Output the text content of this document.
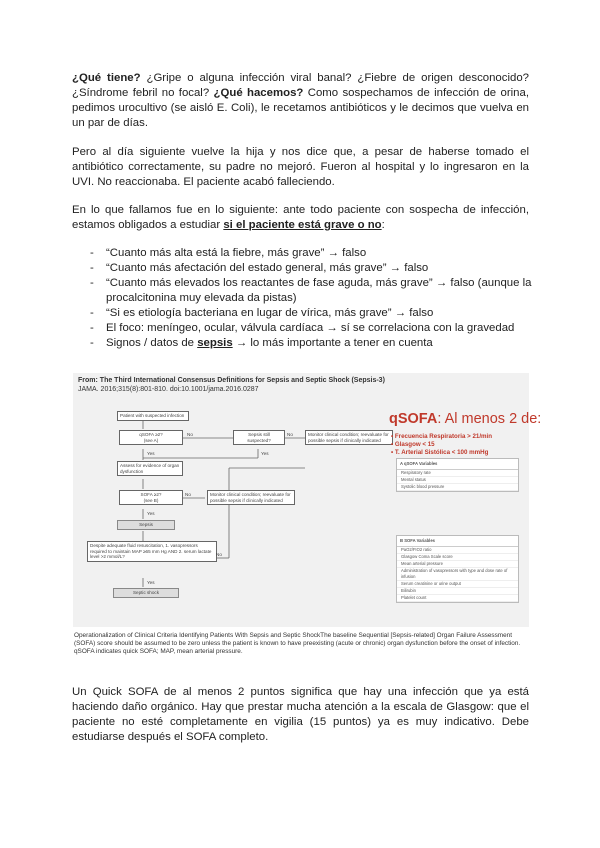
¿Qué tiene? ¿Gripe o alguna infección viral banal? ¿Fiebre de origen desconocido? ¿Síndrome febril no focal? ¿Qué hacemos? Como sospechamos de infección de orina, pedimos urocultivo (se aisló E. Coli), le recetamos antibióticos y le decimos que vuelva en un par de días.

Pero al día siguiente vuelve la hija y nos dice que, a pesar de haberse tomado el antibiótico correctamente, su padre no mejoró. Fueron al hospital y lo ingresaron en la UVI. No reaccionaba. El paciente acabó falleciendo.

En lo que fallamos fue en lo siguiente: ante todo paciente con sospecha de infección, estamos obligados a estudiar si el paciente está grave o no:

- “Cuanto más alta está la fiebre, más grave” → falso
- “Cuanto más afectación del estado general, más grave” → falso
- “Cuanto más elevados los reactantes de fase aguda, más grave” → falso (aunque la procalcitonina muy elevada da pistas)
- “Si es etiología bacteriana en lugar de vírica, más grave” → falso
- El foco: meníngeo, ocular, válvula cardíaca → sí se correlaciona con la gravedad
- Signos / datos de sepsis → lo más importante a tener en cuenta
From: The Third International Consensus Definitions for Sepsis and Septic Shock (Sepsis-3)
JAMA. 2016;315(8):801-810. doi:10.1001/jama.2016.0287
Patient with suspected infection
qSOFA ≥2?
(see A)
No	Sepsis still suspected?
No	Monitor clinical condition; reevaluate for possible sepsis if clinically indicated
Yes	Yes
Assess for evidence of organ dysfunction
SOFA ≥2?
(see B)
No	Monitor clinical condition; reevaluate for possible sepsis if clinically indicated
Yes
Sepsis
Despite adequate fluid resuscitation, 1. vasopressors required to maintain MAP ≥65 mm Hg AND 2. serum lactate level >2 mmol/L?	No
Yes
Septic shock
qSOFA: Al menos 2 de:
• Frecuencia Respiratoria > 21/min
• Glasgow < 15
• T. Arterial Sistólica < 100 mmHg
A qSOFA Variables
Respiratory rate
Mental status
Systolic blood pressure
B SOFA Variables
PaO2/FIO2 ratio
Glasgow Coma Scale score
Mean arterial pressure
Administration of vasopressors with type and dose rate of infusion
Serum creatinine or urine output
Bilirubin
Platelet count

Operationalization of Clinical Criteria Identifying Patients With Sepsis and Septic ShockThe baseline Sequential [Sepsis-related] Organ Failure Assessment (SOFA) score should be assumed to be zero unless the patient is known to have preexisting (acute or chronic) organ dysfunction before the onset of infection. qSOFA indicates quick SOFA; MAP, mean arterial pressure.

Un Quick SOFA de al menos 2 puntos significa que hay una infección que ya está haciendo daño orgánico. Hay que prestar mucha atención a la escala de Glasgow: que el paciente no esté completamente en vigilia (15 puntos) ya es muy indicativo. Debe estudiarse después el SOFA completo.
